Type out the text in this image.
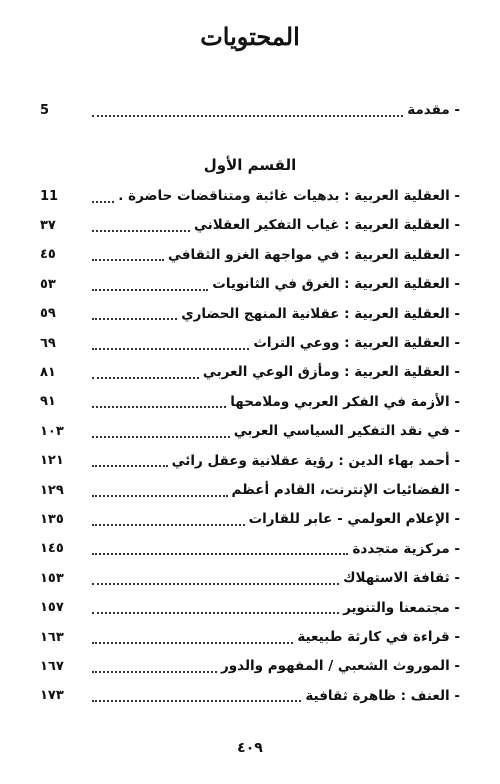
المحتويات
- مقدمة
5
القسم الأول
- العقلية العربية : بدهيات غائبة ومتناقضات حاضرة .
11
- العقلية العربية : غياب التفكير العقلاني
٣٧
- العقلية العربية : في مواجهة الغزو الثقافي
٤٥
- العقلية العربية : الغرق في الثانويات
٥٣
- العقلية العربية : عقلانية المنهج الحضاري
٥٩
- العقلية العربية : ووعي التراث
٦٩
- العقلية العربية : ومأزق الوعي العربي
٨١
- الأزمة في الفكر العربي وملامحها
٩١
- في نقد التفكير السياسي العربي
١٠٣
- أحمد بهاء الدين : رؤية عقلانية وعقل رائي
١٢١
- الفضائيات الإنترنت، القادم أعظم
١٢٩
- الإعلام العولمي - عابر للقارات
١٣٥
- مركزية متجددة
١٤٥
- ثقافة الاستهلاك
١٥٣
- مجتمعنا والتنوير
١٥٧
- قراءة في كارثة طبيعية
١٦٣
- الموروث الشعبي / المفهوم والدور
١٦٧
- العنف : ظاهرة ثقافية
١٧٣
٤٠٩
